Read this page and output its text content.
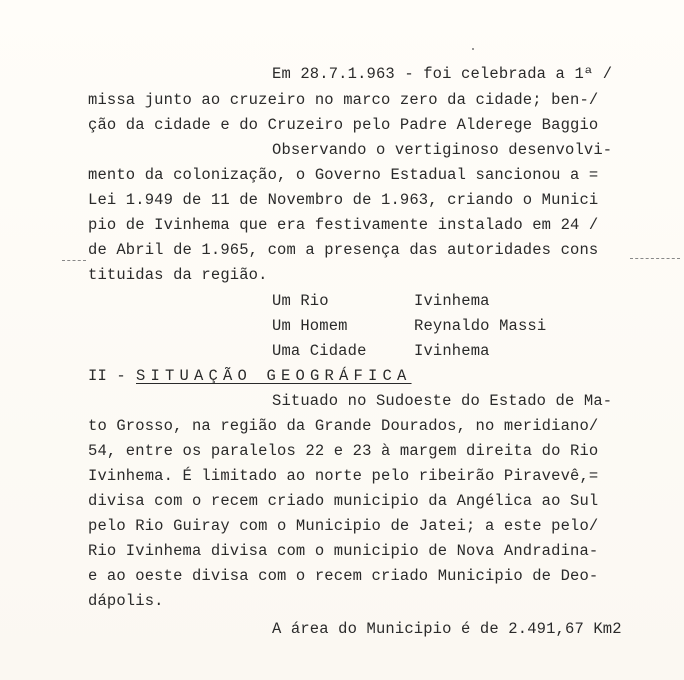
Em 28.7.1.963 - foi celebrada a 1ª /
missa junto ao cruzeiro no marco zero da cidade; ben-/
ção da cidade e do Cruzeiro pelo Padre Alderege Baggio
Observando o vertiginoso desenvolvi-
mento da colonização, o Governo Estadual sancionou a =
Lei 1.949 de 11 de Novembro de 1.963, criando o Munici
pio de Ivinhema que era festivamente instalado em 24 /
de Abril de 1.965, com a presença das autoridades cons
tituidas da região.
Um Rio	Ivinhema
Um Homem	Reynaldo Massi
Uma Cidade	Ivinhema
II - SITUAÇÃO GEOGRÁFICA
Situado no Sudoeste do Estado de Ma-
to Grosso, na região da Grande Dourados, no meridiano/
54, entre os paralelos 22 e 23 à margem direita do Rio
Ivinhema. É limitado ao norte pelo ribeirão Piravevê,=
divisa com o recem criado municipio da Angélica ao Sul
pelo Rio Guiray com o Municipio de Jatei; a este pelo/
Rio Ivinhema divisa com o municipio de Nova Andradina-
e ao oeste divisa com o recem criado Municipio de Deo-
dápolis.
A área do Municipio é de 2.491,67 Km2
